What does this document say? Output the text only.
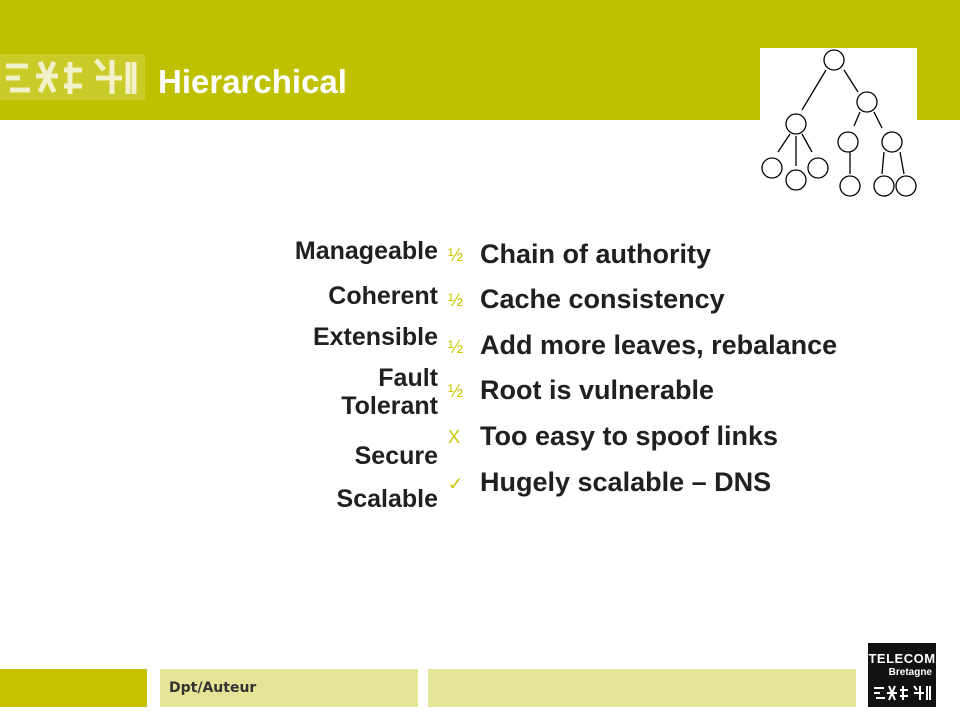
Hierarchical
Manageable
Coherent
Extensible
Fault Tolerant
Secure
Scalable
½
½
½
½
X
✓
Chain of authority
Cache consistency
Add more leaves, rebalance
Root is vulnerable
Too easy to spoof links
Hugely scalable – DNS
Dpt/Auteur
TELECOM
Bretagne
